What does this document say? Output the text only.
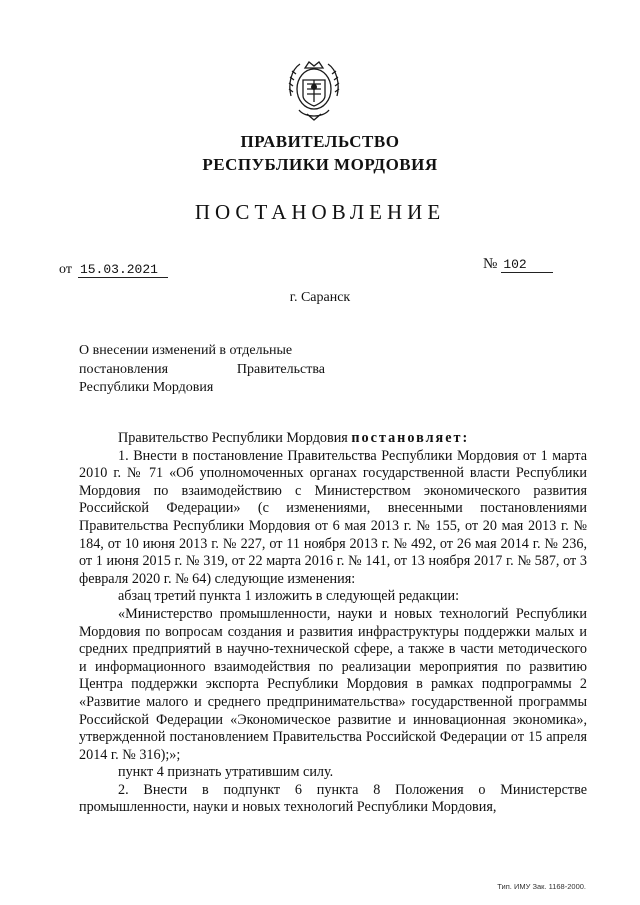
ПРАВИТЕЛЬСТВО
РЕСПУБЛИКИ МОРДОВИЯ
ПОСТАНОВЛЕНИЕ
от 15.03.2021	№ 102
г. Саранск
О внесении изменений в отдельные
постановления	Правительства
Республики Мордовия

Правительство Республики Мордовия постановляет:

1. Внести в постановление Правительства Республики Мордовия от 1 марта 2010 г. № 71 «Об уполномоченных органах государственной власти Республики Мордовия по взаимодействию с Министерством экономического развития Российской Федерации» (с изменениями, внесенными постановлениями Правительства Республики Мордовия от 6 мая 2013 г. № 155, от 20 мая 2013 г. № 184, от 10 июня 2013 г. № 227, от 11 ноября 2013 г. № 492, от 26 мая 2014 г. № 236, от 1 июня 2015 г. № 319, от 22 марта 2016 г. № 141, от 13 ноября 2017 г. № 587, от 3 февраля 2020 г. № 64) следующие изменения:

абзац третий пункта 1 изложить в следующей редакции:

«Министерство промышленности, науки и новых технологий Республики Мордовия по вопросам создания и развития инфраструктуры поддержки малых и средних предприятий в научно-технической сфере, а также в части методического и информационного взаимодействия по реализации мероприятия по развитию Центра поддержки экспорта Республики Мордовия в рамках подпрограммы 2 «Развитие малого и среднего предпринимательства» государственной программы Российской Федерации «Экономическое развитие и инновационная экономика», утвержденной постановлением Правительства Российской Федерации от 15 апреля 2014 г. № 316);»;

пункт 4 признать утратившим силу.

2. Внести в подпункт 6 пункта 8 Положения о Министерстве промышленности, науки и новых технологий Республики Мордовия,

Тип. ИМУ Зак. 1168-2000.
